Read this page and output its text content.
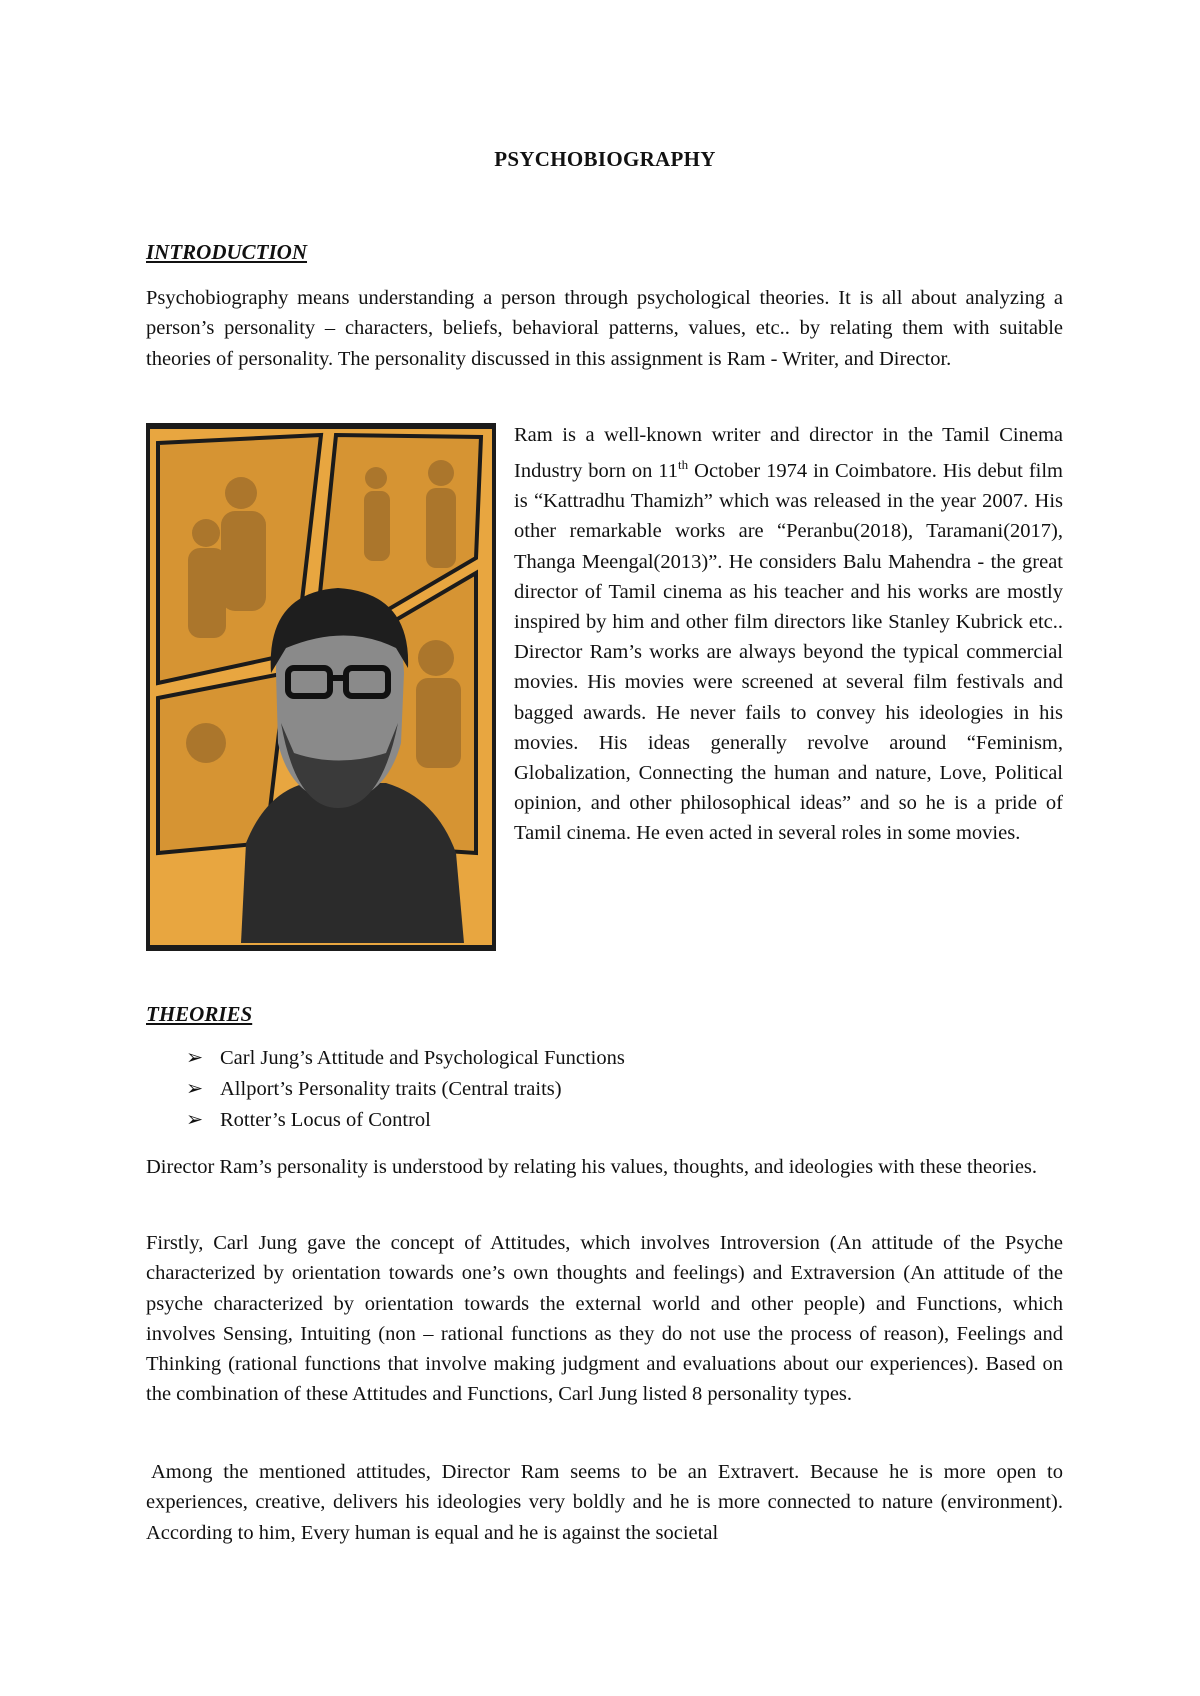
PSYCHOBIOGRAPHY
INTRODUCTION

Psychobiography means understanding a person through psychological theories. It is all about analyzing a person’s personality – characters, beliefs, behavioral patterns, values, etc.. by relating them with suitable theories of personality. The personality discussed in this assignment is Ram - Writer, and Director.

Ram is a well-known writer and director in the Tamil Cinema Industry born on 11th October 1974 in Coimbatore. His debut film is “Kattradhu Thamizh” which was released in the year 2007. His other remarkable works are “Peranbu(2018), Taramani(2017), Thanga Meengal(2013)”. He considers Balu Mahendra - the great director of Tamil cinema as his teacher and his works are mostly inspired by him and other film directors like Stanley Kubrick etc.. Director Ram’s works are always beyond the typical commercial movies. His movies were screened at several film festivals and bagged awards. He never fails to convey his ideologies in his movies. His ideas generally revolve around “Feminism, Globalization, Connecting the human and nature, Love, Political opinion, and other philosophical ideas” and so he is a pride of Tamil cinema. He even acted in several roles in some movies.

THEORIES
➢ Carl Jung’s Attitude and Psychological Functions
➢ Allport’s Personality traits (Central traits)
➢ Rotter’s Locus of Control

Director Ram’s personality is understood by relating his values, thoughts, and ideologies with these theories.

Firstly, Carl Jung gave the concept of Attitudes, which involves Introversion (An attitude of the Psyche characterized by orientation towards one’s own thoughts and feelings) and Extraversion (An attitude of the psyche characterized by orientation towards the external world and other people) and Functions, which involves Sensing, Intuiting (non – rational functions as they do not use the process of reason), Feelings and Thinking (rational functions that involve making judgment and evaluations about our experiences). Based on the combination of these Attitudes and Functions, Carl Jung listed 8 personality types.

Among the mentioned attitudes, Director Ram seems to be an Extravert. Because he is more open to experiences, creative, delivers his ideologies very boldly and he is more connected to nature (environment). According to him, Every human is equal and he is against the societal
